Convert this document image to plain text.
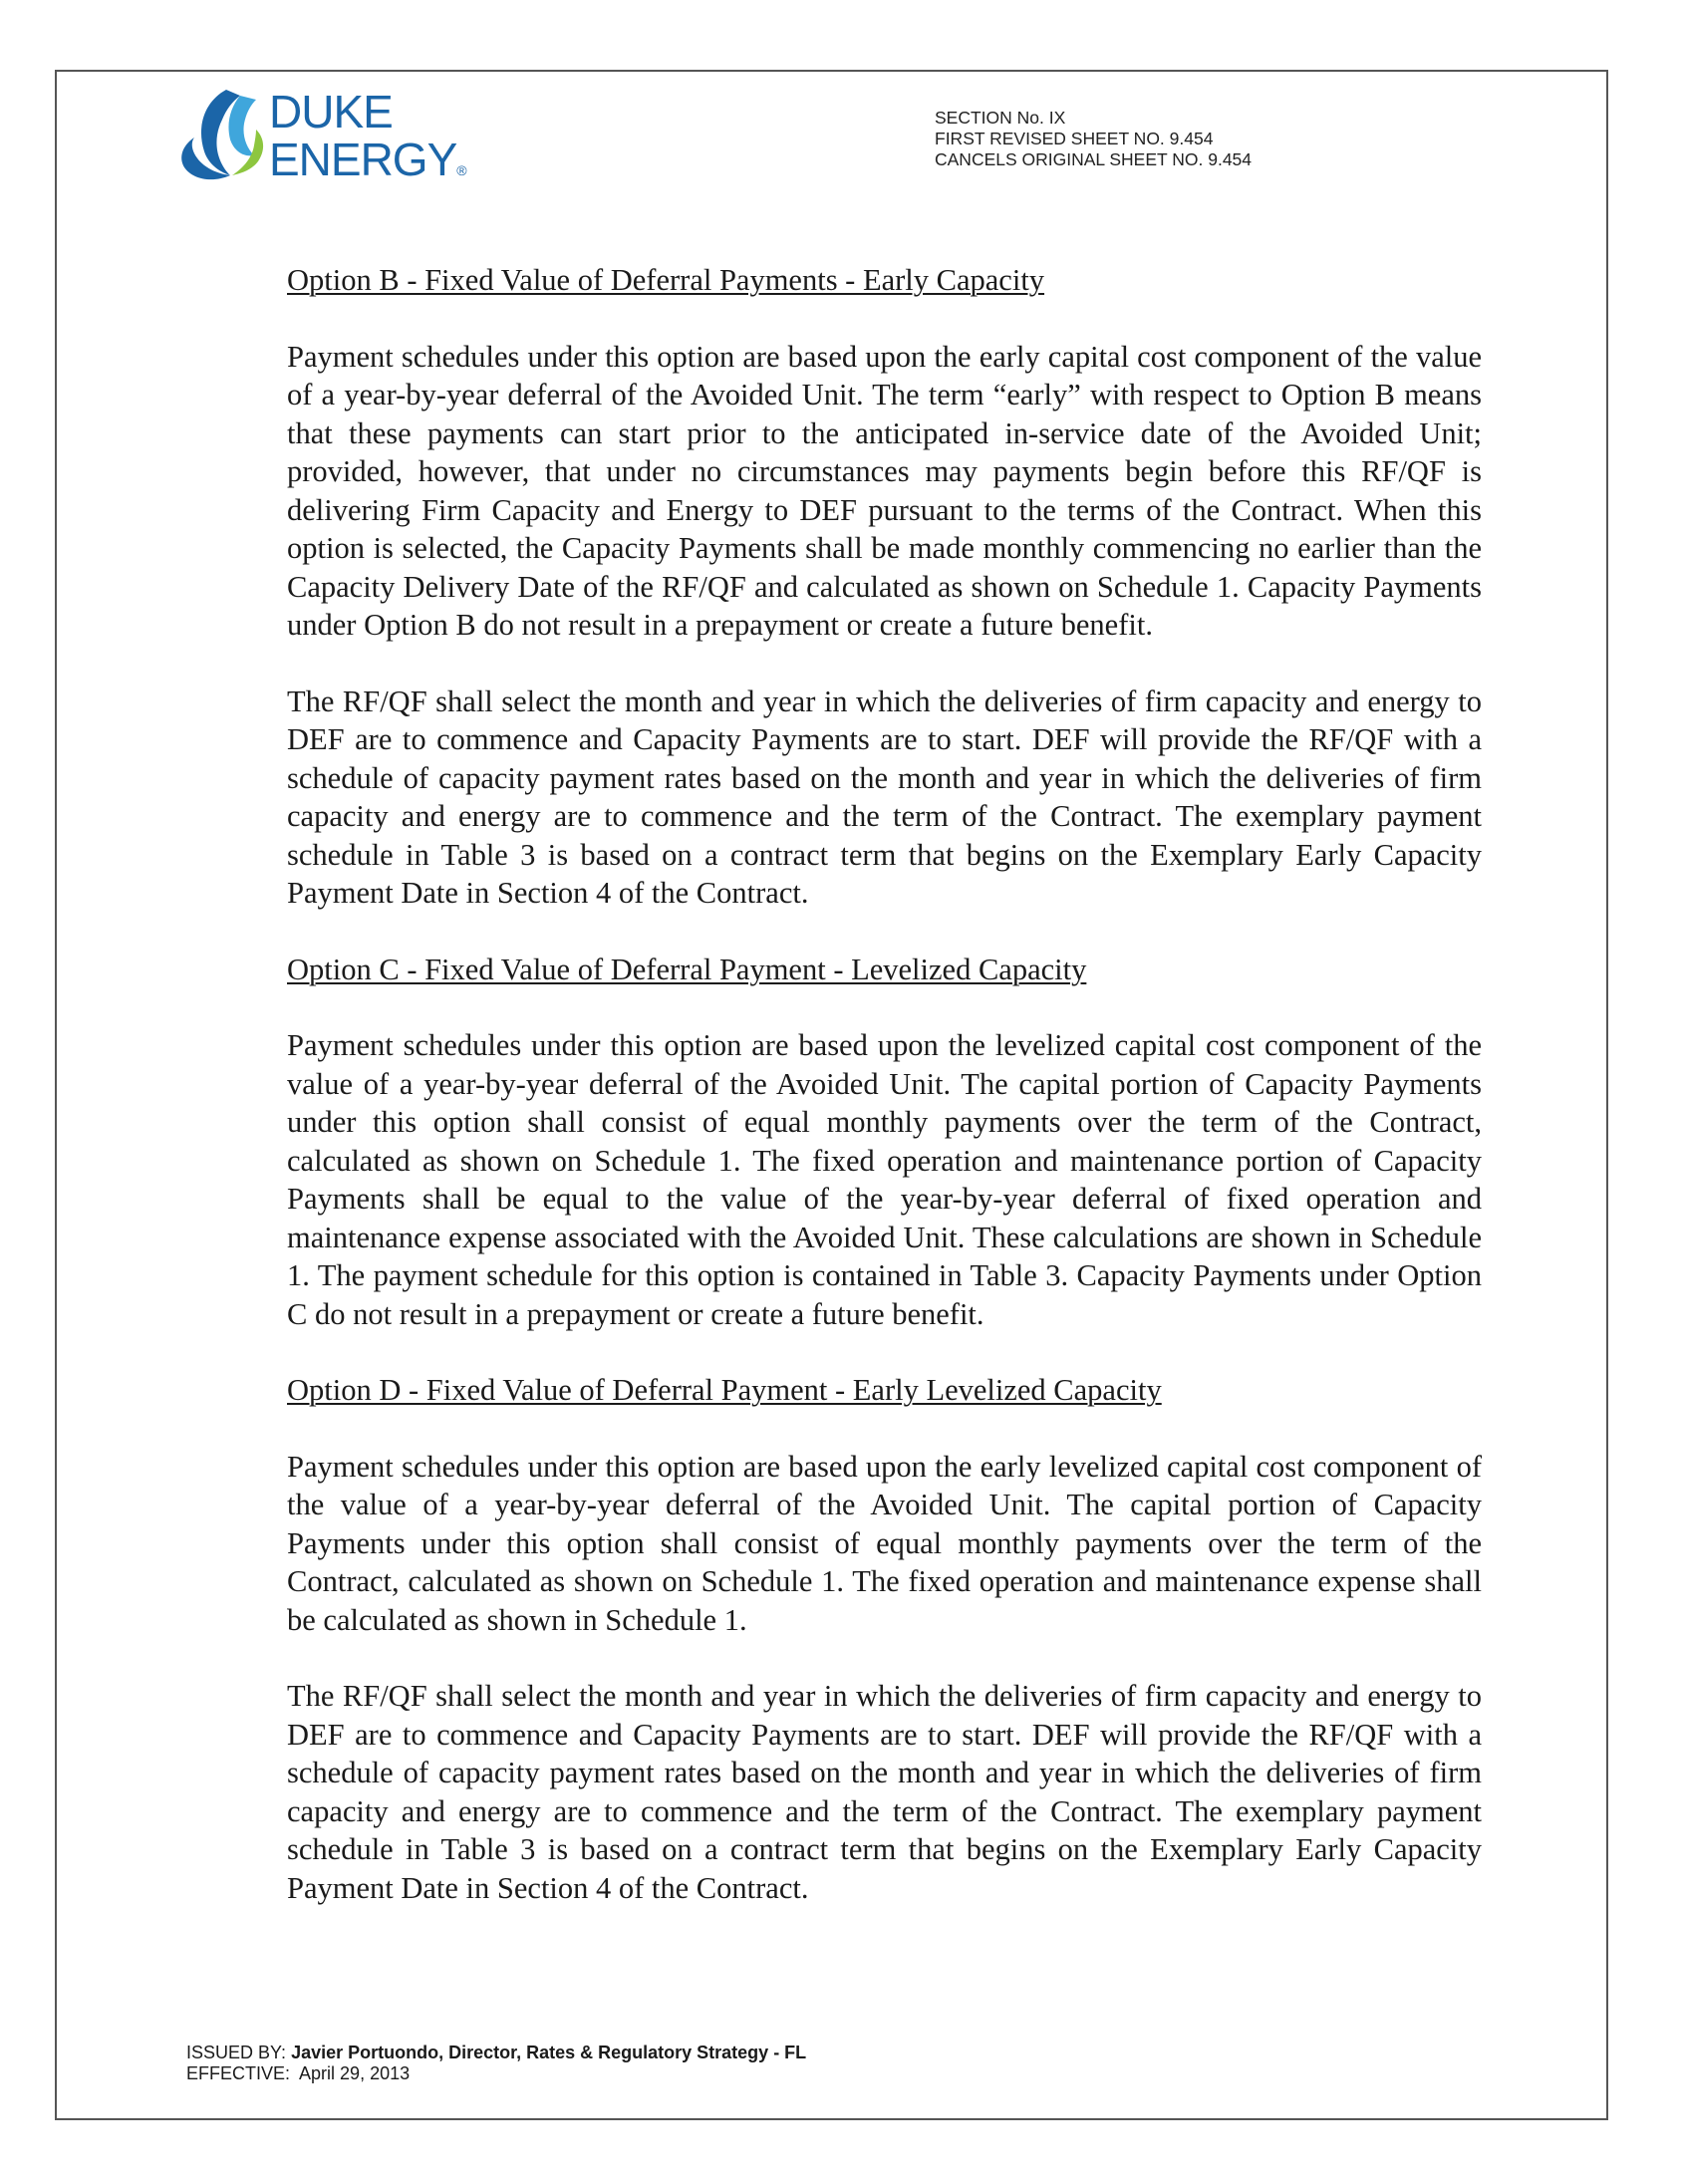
DUKE
ENERGY®
SECTION No. IX
FIRST REVISED SHEET NO. 9.454
CANCELS ORIGINAL SHEET NO. 9.454

Option B - Fixed Value of Deferral Payments - Early Capacity

Payment schedules under this option are based upon the early capital cost component of the value of a year-by-year deferral of the Avoided Unit. The term “early” with respect to Option B means that these payments can start prior to the anticipated in-service date of the Avoided Unit; provided, however, that under no circumstances may payments begin before this RF/QF is delivering Firm Capacity and Energy to DEF pursuant to the terms of the Contract. When this option is selected, the Capacity Payments shall be made monthly commencing no earlier than the Capacity Delivery Date of the RF/QF and calculated as shown on Schedule 1. Capacity Payments under Option B do not result in a prepayment or create a future benefit.

The RF/QF shall select the month and year in which the deliveries of firm capacity and energy to DEF are to commence and Capacity Payments are to start. DEF will provide the RF/QF with a schedule of capacity payment rates based on the month and year in which the deliveries of firm capacity and energy are to commence and the term of the Contract. The exemplary payment schedule in Table 3 is based on a contract term that begins on the Exemplary Early Capacity Payment Date in Section 4 of the Contract.

Option C - Fixed Value of Deferral Payment - Levelized Capacity

Payment schedules under this option are based upon the levelized capital cost component of the value of a year-by-year deferral of the Avoided Unit. The capital portion of Capacity Payments under this option shall consist of equal monthly payments over the term of the Contract, calculated as shown on Schedule 1. The fixed operation and maintenance portion of Capacity Payments shall be equal to the value of the year-by-year deferral of fixed operation and maintenance expense associated with the Avoided Unit. These calculations are shown in Schedule 1. The payment schedule for this option is contained in Table 3. Capacity Payments under Option C do not result in a prepayment or create a future benefit.

Option D - Fixed Value of Deferral Payment - Early Levelized Capacity

Payment schedules under this option are based upon the early levelized capital cost component of the value of a year-by-year deferral of the Avoided Unit. The capital portion of Capacity Payments under this option shall consist of equal monthly payments over the term of the Contract, calculated as shown on Schedule 1. The fixed operation and maintenance expense shall be calculated as shown in Schedule 1.

The RF/QF shall select the month and year in which the deliveries of firm capacity and energy to DEF are to commence and Capacity Payments are to start. DEF will provide the RF/QF with a schedule of capacity payment rates based on the month and year in which the deliveries of firm capacity and energy are to commence and the term of the Contract. The exemplary payment schedule in Table 3 is based on a contract term that begins on the Exemplary Early Capacity Payment Date in Section 4 of the Contract.

ISSUED BY: Javier Portuondo, Director, Rates & Regulatory Strategy - FL
EFFECTIVE: April 29, 2013
